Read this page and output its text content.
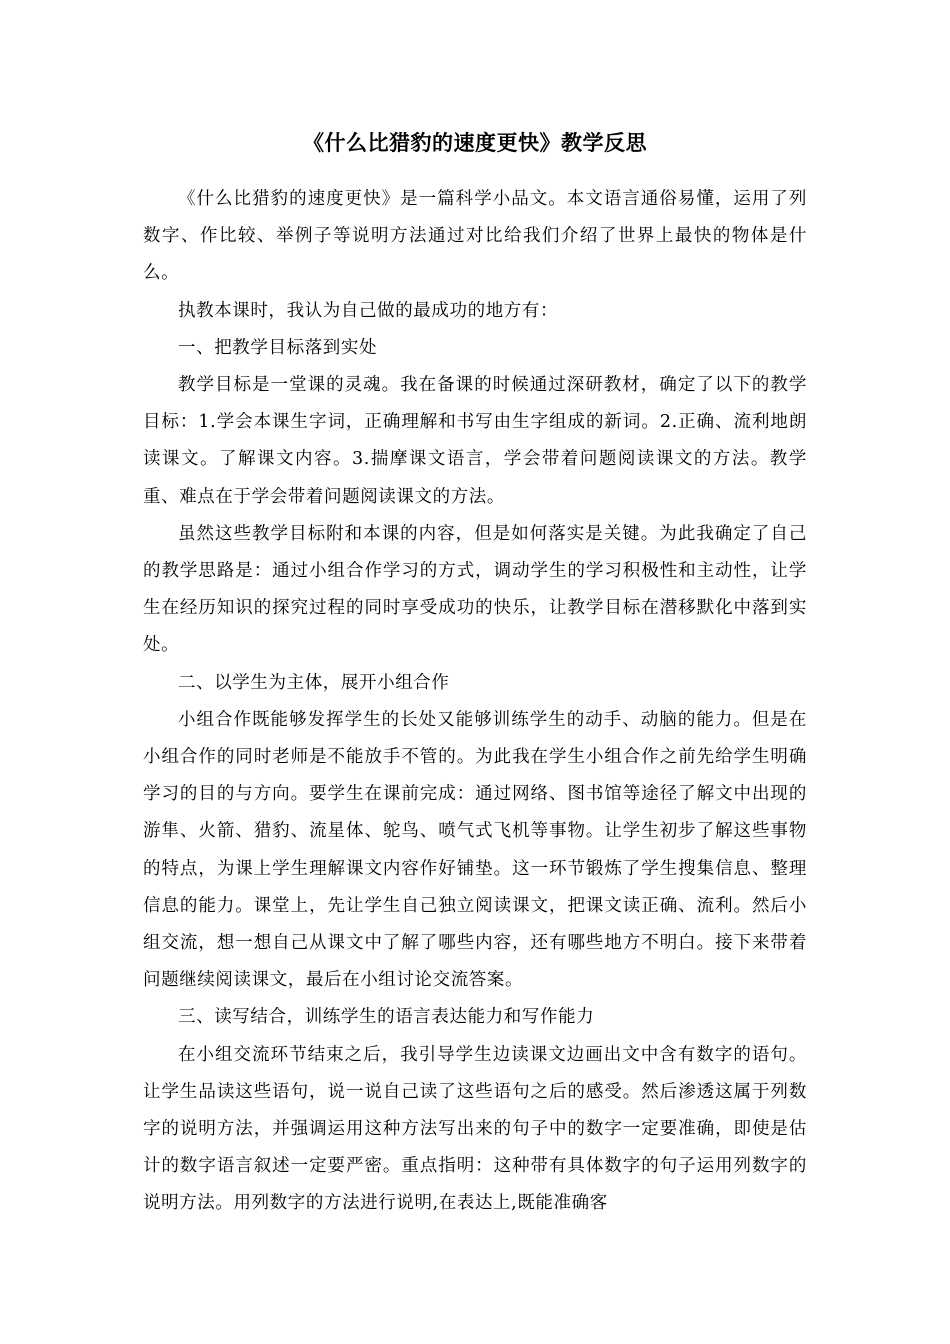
《什么比猎豹的速度更快》教学反思

《什么比猎豹的速度更快》是一篇科学小品文。本文语言通俗易懂，运用了列数字、作比较、举例子等说明方法通过对比给我们介绍了世界上最快的物体是什么。

执教本课时，我认为自己做的最成功的地方有：

一、把教学目标落到实处

教学目标是一堂课的灵魂。我在备课的时候通过深研教材，确定了以下的教学目标：1.学会本课生字词，正确理解和书写由生字组成的新词。2.正确、流利地朗读课文。了解课文内容。3.揣摩课文语言，学会带着问题阅读课文的方法。教学重、难点在于学会带着问题阅读课文的方法。

虽然这些教学目标附和本课的内容，但是如何落实是关键。为此我确定了自己的教学思路是：通过小组合作学习的方式，调动学生的学习积极性和主动性，让学生在经历知识的探究过程的同时享受成功的快乐，让教学目标在潜移默化中落到实处。

二、以学生为主体，展开小组合作

小组合作既能够发挥学生的长处又能够训练学生的动手、动脑的能力。但是在小组合作的同时老师是不能放手不管的。为此我在学生小组合作之前先给学生明确学习的目的与方向。要学生在课前完成：通过网络、图书馆等途径了解文中出现的游隼、火箭、猎豹、流星体、鸵鸟、喷气式飞机等事物。让学生初步了解这些事物的特点，为课上学生理解课文内容作好铺垫。这一环节锻炼了学生搜集信息、整理信息的能力。课堂上，先让学生自己独立阅读课文，把课文读正确、流利。然后小组交流，想一想自己从课文中了解了哪些内容，还有哪些地方不明白。接下来带着问题继续阅读课文，最后在小组讨论交流答案。

三、读写结合，训练学生的语言表达能力和写作能力

在小组交流环节结束之后，我引导学生边读课文边画出文中含有数字的语句。让学生品读这些语句，说一说自己读了这些语句之后的感受。然后渗透这属于列数字的说明方法，并强调运用这种方法写出来的句子中的数字一定要准确，即使是估计的数字语言叙述一定要严密。重点指明：这种带有具体数字的句子运用列数字的说明方法。用列数字的方法进行说明,在表达上,既能准确客
